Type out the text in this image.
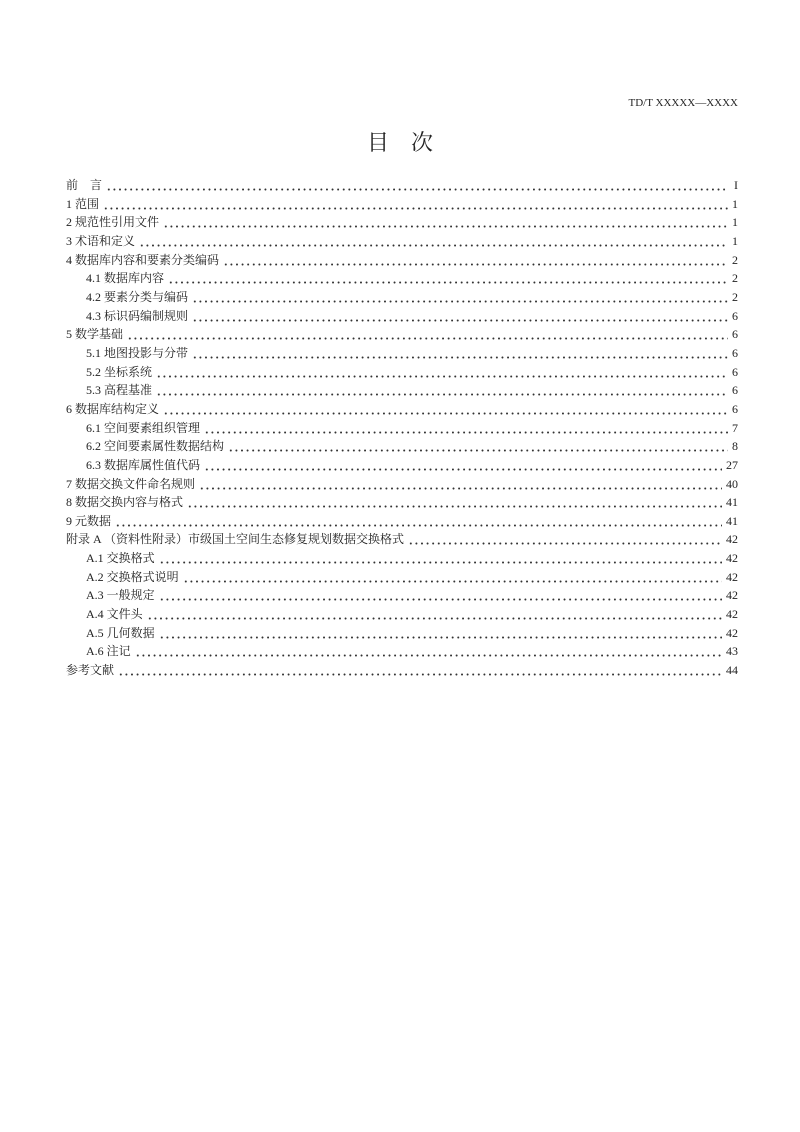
TD/T XXXXX—XXXX
目　次
前　言	I
1 范围	1
2 规范性引用文件	1
3 术语和定义	1
4 数据库内容和要素分类编码	2
4.1 数据库内容	2
4.2 要素分类与编码	2
4.3 标识码编制规则	6
5 数学基础	6
5.1 地图投影与分带	6
5.2 坐标系统	6
5.3 高程基准	6
6 数据库结构定义	6
6.1 空间要素组织管理	7
6.2 空间要素属性数据结构	8
6.3 数据库属性值代码	27
7 数据交换文件命名规则	40
8 数据交换内容与格式	41
9 元数据	41
附录 A （资料性附录）市级国土空间生态修复规划数据交换格式	42
A.1 交换格式	42
A.2 交换格式说明	42
A.3 一般规定	42
A.4 文件头	42
A.5 几何数据	42
A.6 注记	43
参考文献	44
